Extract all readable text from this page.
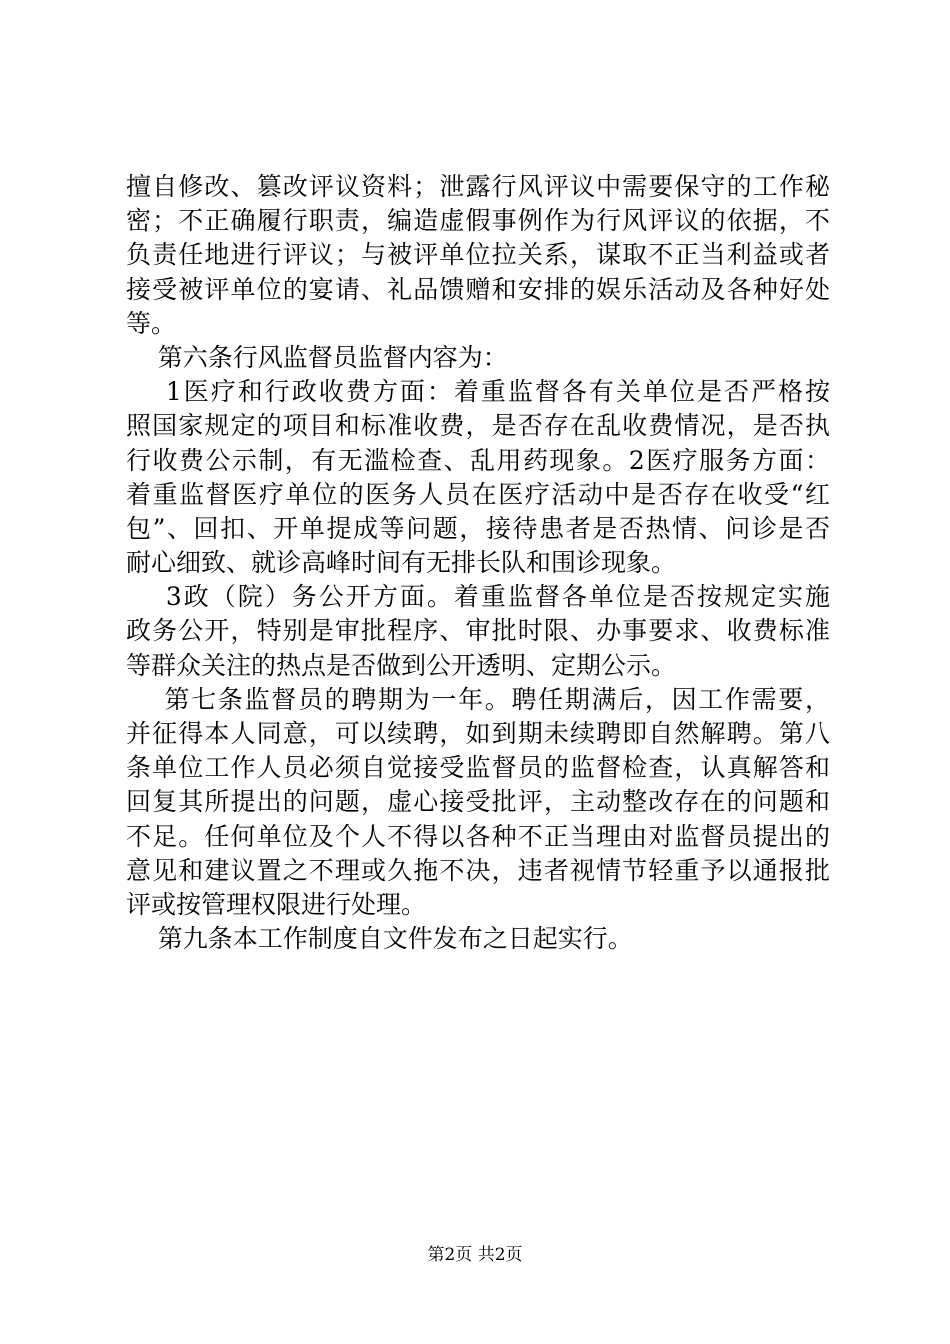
擅自修改、篡改评议资料；泄露行风评议中需要保守的工作秘
密；不正确履行职责，编造虚假事例作为行风评议的依据，不
负责任地进行评议；与被评单位拉关系，谋取不正当利益或者
接受被评单位的宴请、礼品馈赠和安排的娱乐活动及各种好处
等。
第六条行风监督员监督内容为：
1医疗和行政收费方面：着重监督各有关单位是否严格按
照国家规定的项目和标准收费，是否存在乱收费情况，是否执
行收费公示制，有无滥检查、乱用药现象。2医疗服务方面：
着重监督医疗单位的医务人员在医疗活动中是否存在收受“红
包”、回扣、开单提成等问题，接待患者是否热情、问诊是否
耐心细致、就诊高峰时间有无排长队和围诊现象。
3政（院）务公开方面。着重监督各单位是否按规定实施
政务公开，特别是审批程序、审批时限、办事要求、收费标准
等群众关注的热点是否做到公开透明、定期公示。
第七条监督员的聘期为一年。聘任期满后，因工作需要，
并征得本人同意，可以续聘，如到期未续聘即自然解聘。第八
条单位工作人员必须自觉接受监督员的监督检查，认真解答和
回复其所提出的问题，虚心接受批评，主动整改存在的问题和
不足。任何单位及个人不得以各种不正当理由对监督员提出的
意见和建议置之不理或久拖不决，违者视情节轻重予以通报批
评或按管理权限进行处理。
第九条本工作制度自文件发布之日起实行。
第2页 共2页
